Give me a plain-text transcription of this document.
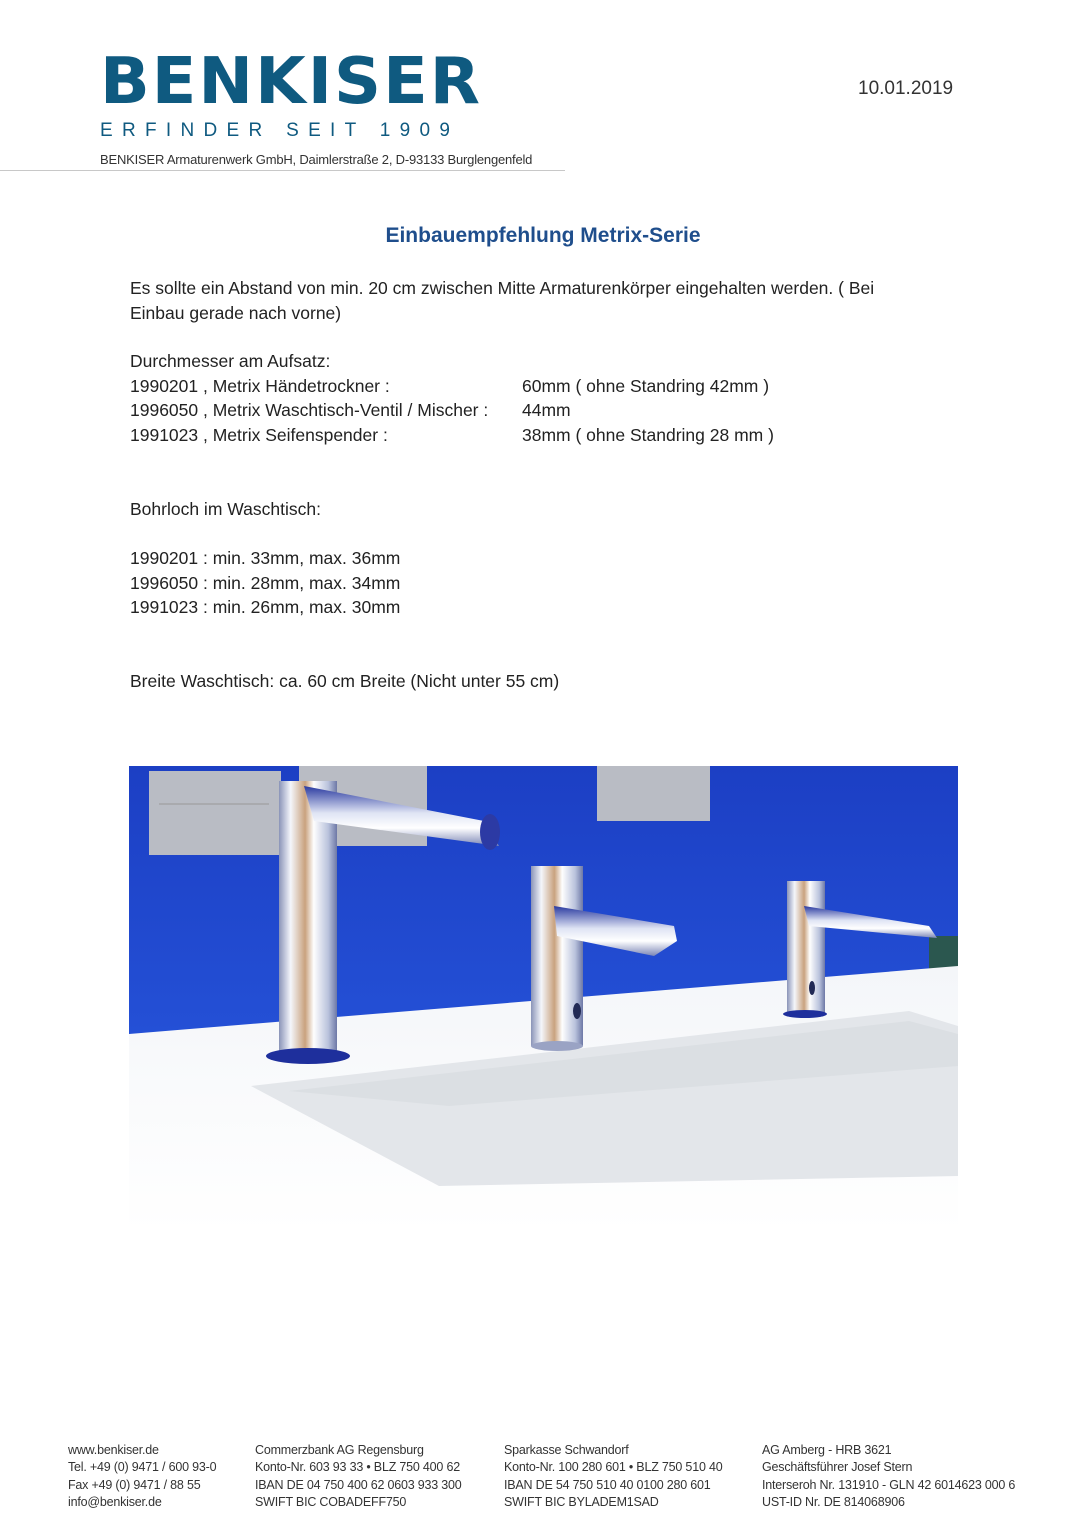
BENKISER
ERFINDER SEIT 1909
BENKISER Armaturenwerk GmbH, Daimlerstraße 2, D-93133 Burglengenfeld
10.01.2019
Einbauempfehlung Metrix-Serie
Es sollte ein Abstand von min. 20 cm zwischen Mitte Armaturenkörper eingehalten werden. ( Bei
Einbau gerade nach vorne)
Durchmesser am Aufsatz:
1990201 , Metrix Händetrockner :	60mm ( ohne Standring 42mm )
1996050 , Metrix Waschtisch-Ventil / Mischer :	44mm
1991023 , Metrix Seifenspender :	38mm ( ohne Standring 28 mm )
Bohrloch im Waschtisch:
1990201 : min. 33mm, max. 36mm
1996050 : min. 28mm, max. 34mm
1991023 : min. 26mm, max. 30mm
Breite Waschtisch: ca. 60 cm Breite (Nicht unter 55 cm)
www.benkiser.de
Tel. +49 (0) 9471 / 600 93-0
Fax +49 (0) 9471 / 88 55
info@benkiser.de
Commerzbank AG Regensburg
Konto-Nr. 603 93 33 • BLZ 750 400 62
IBAN DE 04 750 400 62 0603 933 300
SWIFT BIC COBADEFF750
Sparkasse Schwandorf
Konto-Nr. 100 280 601 • BLZ 750 510 40
IBAN DE 54 750 510 40 0100 280 601
SWIFT BIC BYLADEM1SAD
AG Amberg - HRB 3621
Geschäftsführer Josef Stern
Interseroh Nr. 131910 - GLN 42 6014623 000 6
UST-ID Nr. DE 814068906
